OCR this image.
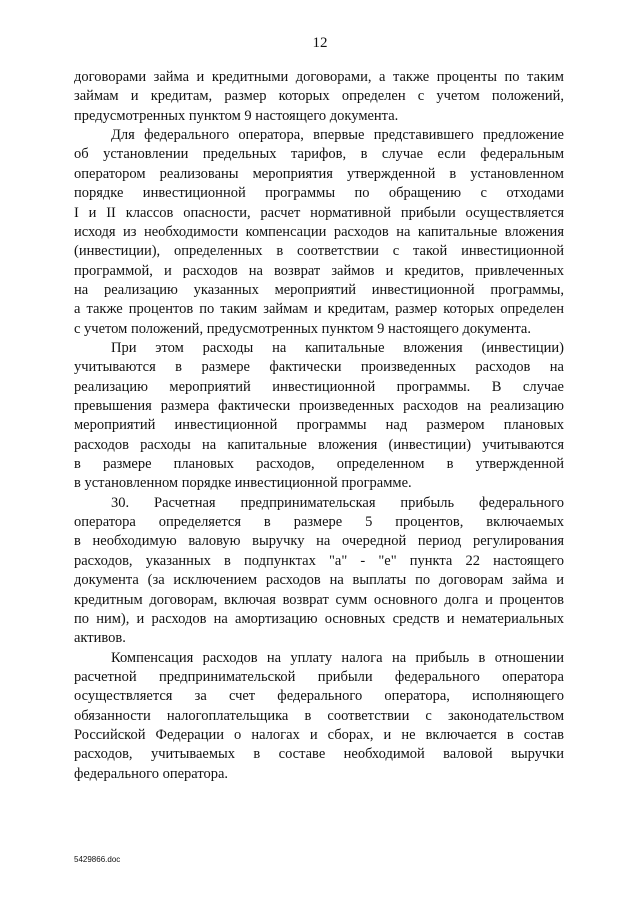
12
договорами займа и кредитными договорами, а также проценты по таким
займам и кредитам, размер которых определен с учетом положений,
предусмотренных пунктом 9 настоящего документа.
Для федерального оператора, впервые представившего предложение
об установлении предельных тарифов, в случае если федеральным
оператором реализованы мероприятия утвержденной в установленном
порядке инвестиционной программы по обращению с отходами
I и II классов опасности, расчет нормативной прибыли осуществляется
исходя из необходимости компенсации расходов на капитальные вложения
(инвестиции), определенных в соответствии с такой инвестиционной
программой, и расходов на возврат займов и кредитов, привлеченных
на реализацию указанных мероприятий инвестиционной программы,
а также процентов по таким займам и кредитам, размер которых определен
с учетом положений, предусмотренных пунктом 9 настоящего документа.
При этом расходы на капитальные вложения (инвестиции)
учитываются в размере фактически произведенных расходов на
реализацию мероприятий инвестиционной программы. В случае
превышения размера фактически произведенных расходов на реализацию
мероприятий инвестиционной программы над размером плановых
расходов расходы на капитальные вложения (инвестиции) учитываются
в размере плановых расходов, определенном в утвержденной
в установленном порядке инвестиционной программе.
30. Расчетная предпринимательская прибыль федерального
оператора определяется в размере 5 процентов, включаемых
в необходимую валовую выручку на очередной период регулирования
расходов, указанных в подпунктах "а" - "е" пункта 22 настоящего
документа (за исключением расходов на выплаты по договорам займа и
кредитным договорам, включая возврат сумм основного долга и процентов
по ним), и расходов на амортизацию основных средств и нематериальных
активов.
Компенсация расходов на уплату налога на прибыль в отношении
расчетной предпринимательской прибыли федерального оператора
осуществляется за счет федерального оператора, исполняющего
обязанности налогоплательщика в соответствии с законодательством
Российской Федерации о налогах и сборах, и не включается в состав
расходов, учитываемых в составе необходимой валовой выручки
федерального оператора.
5429866.doc
